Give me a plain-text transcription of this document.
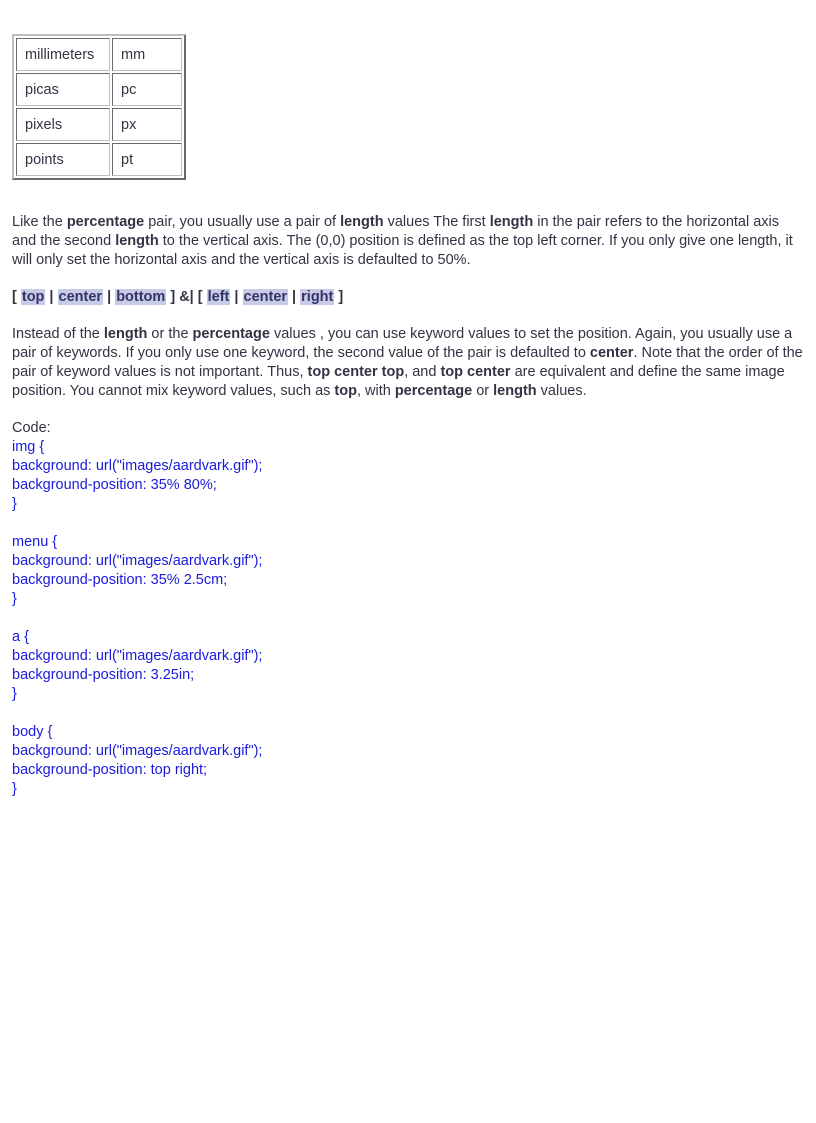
millimeters	mm
picas	pc
pixels	px
points	pt

Like the percentage pair, you usually use a pair of length values The first length in the pair refers to the horizontal axis and the second length to the vertical axis. The (0,0) position is defined as the top left corner. If you only give one length, it will only set the horizontal axis and the vertical axis is defaulted to 50%.

[ top | center | bottom ] &| [ left | center | right ]

Instead of the length or the percentage values , you can use keyword values to set the position. Again, you usually use a pair of keywords. If you only use one keyword, the second value of the pair is defaulted to center. Note that the order of the pair of keyword values is not important. Thus, top center top, and top center are equivalent and define the same image position. You cannot mix keyword values, such as top, with percentage or length values.

Code:
img {
background: url("images/aardvark.gif");
background-position: 35% 80%;
}
menu {
background: url("images/aardvark.gif");
background-position: 35% 2.5cm;
}
a {
background: url("images/aardvark.gif");
background-position: 3.25in;
}
body {
background: url("images/aardvark.gif");
background-position: top right;
}
